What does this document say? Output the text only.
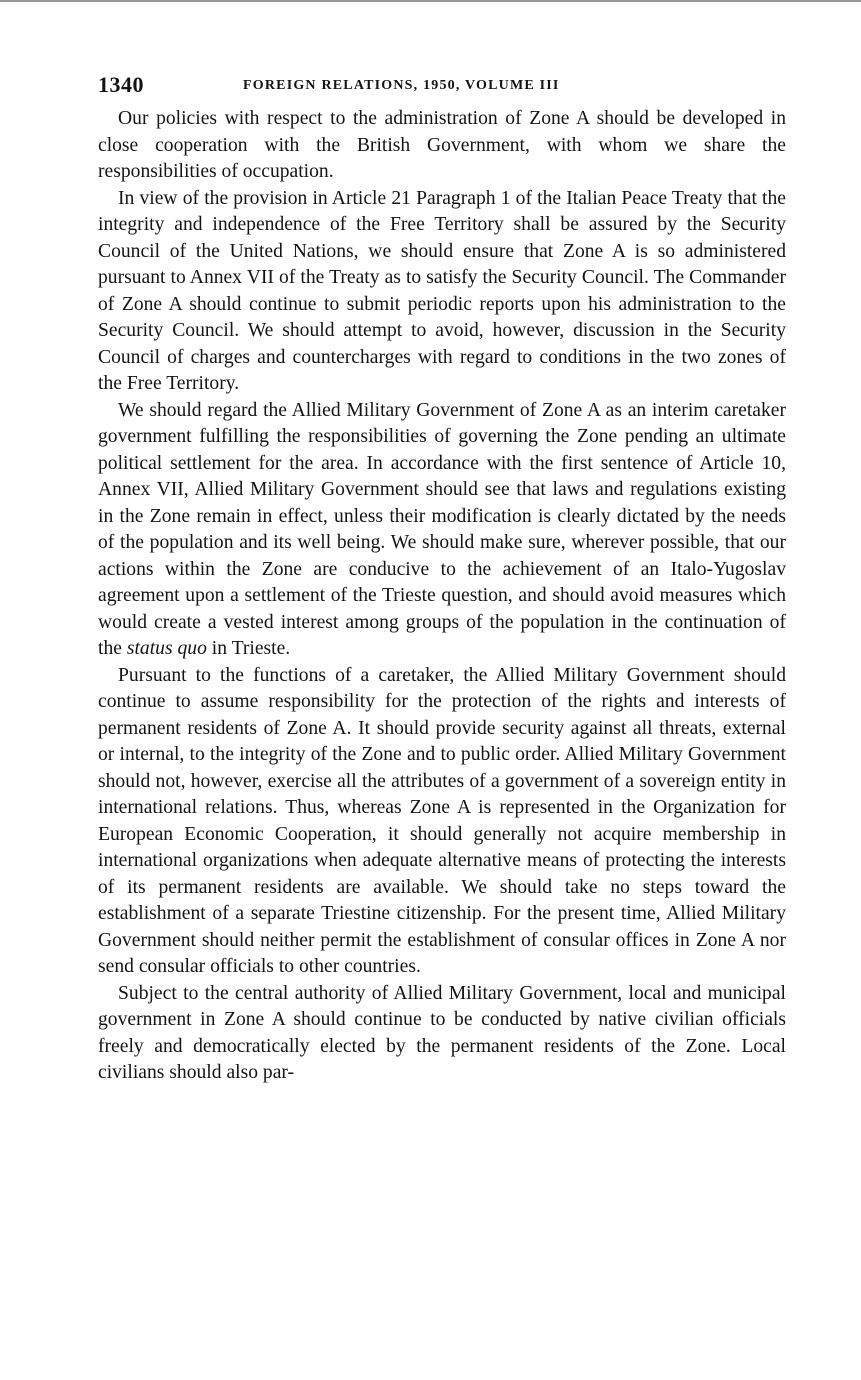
1340	FOREIGN RELATIONS, 1950, VOLUME III

Our policies with respect to the administration of Zone A should be developed in close cooperation with the British Government, with whom we share the responsibilities of occupation.

In view of the provision in Article 21 Paragraph 1 of the Italian Peace Treaty that the integrity and independence of the Free Territory shall be assured by the Security Council of the United Nations, we should ensure that Zone A is so administered pursuant to Annex VII of the Treaty as to satisfy the Security Council. The Commander of Zone A should continue to submit periodic reports upon his administration to the Security Council. We should attempt to avoid, however, discussion in the Security Council of charges and countercharges with regard to conditions in the two zones of the Free Territory.

We should regard the Allied Military Government of Zone A as an interim caretaker government fulfilling the responsibilities of governing the Zone pending an ultimate political settlement for the area. In accordance with the first sentence of Article 10, Annex VII, Allied Military Government should see that laws and regulations existing in the Zone remain in effect, unless their modification is clearly dictated by the needs of the population and its well being. We should make sure, wherever possible, that our actions within the Zone are conducive to the achievement of an Italo-Yugoslav agreement upon a settlement of the Trieste question, and should avoid measures which would create a vested interest among groups of the population in the continuation of the status quo in Trieste.

Pursuant to the functions of a caretaker, the Allied Military Government should continue to assume responsibility for the protection of the rights and interests of permanent residents of Zone A. It should provide security against all threats, external or internal, to the integrity of the Zone and to public order. Allied Military Government should not, however, exercise all the attributes of a government of a sovereign entity in international relations. Thus, whereas Zone A is represented in the Organization for European Economic Cooperation, it should generally not acquire membership in international organizations when adequate alternative means of protecting the interests of its permanent residents are available. We should take no steps toward the establishment of a separate Triestine citizenship. For the present time, Allied Military Government should neither permit the establishment of consular offices in Zone A nor send consular officials to other countries.

Subject to the central authority of Allied Military Government, local and municipal government in Zone A should continue to be conducted by native civilian officials freely and democratically elected by the permanent residents of the Zone. Local civilians should also par-
